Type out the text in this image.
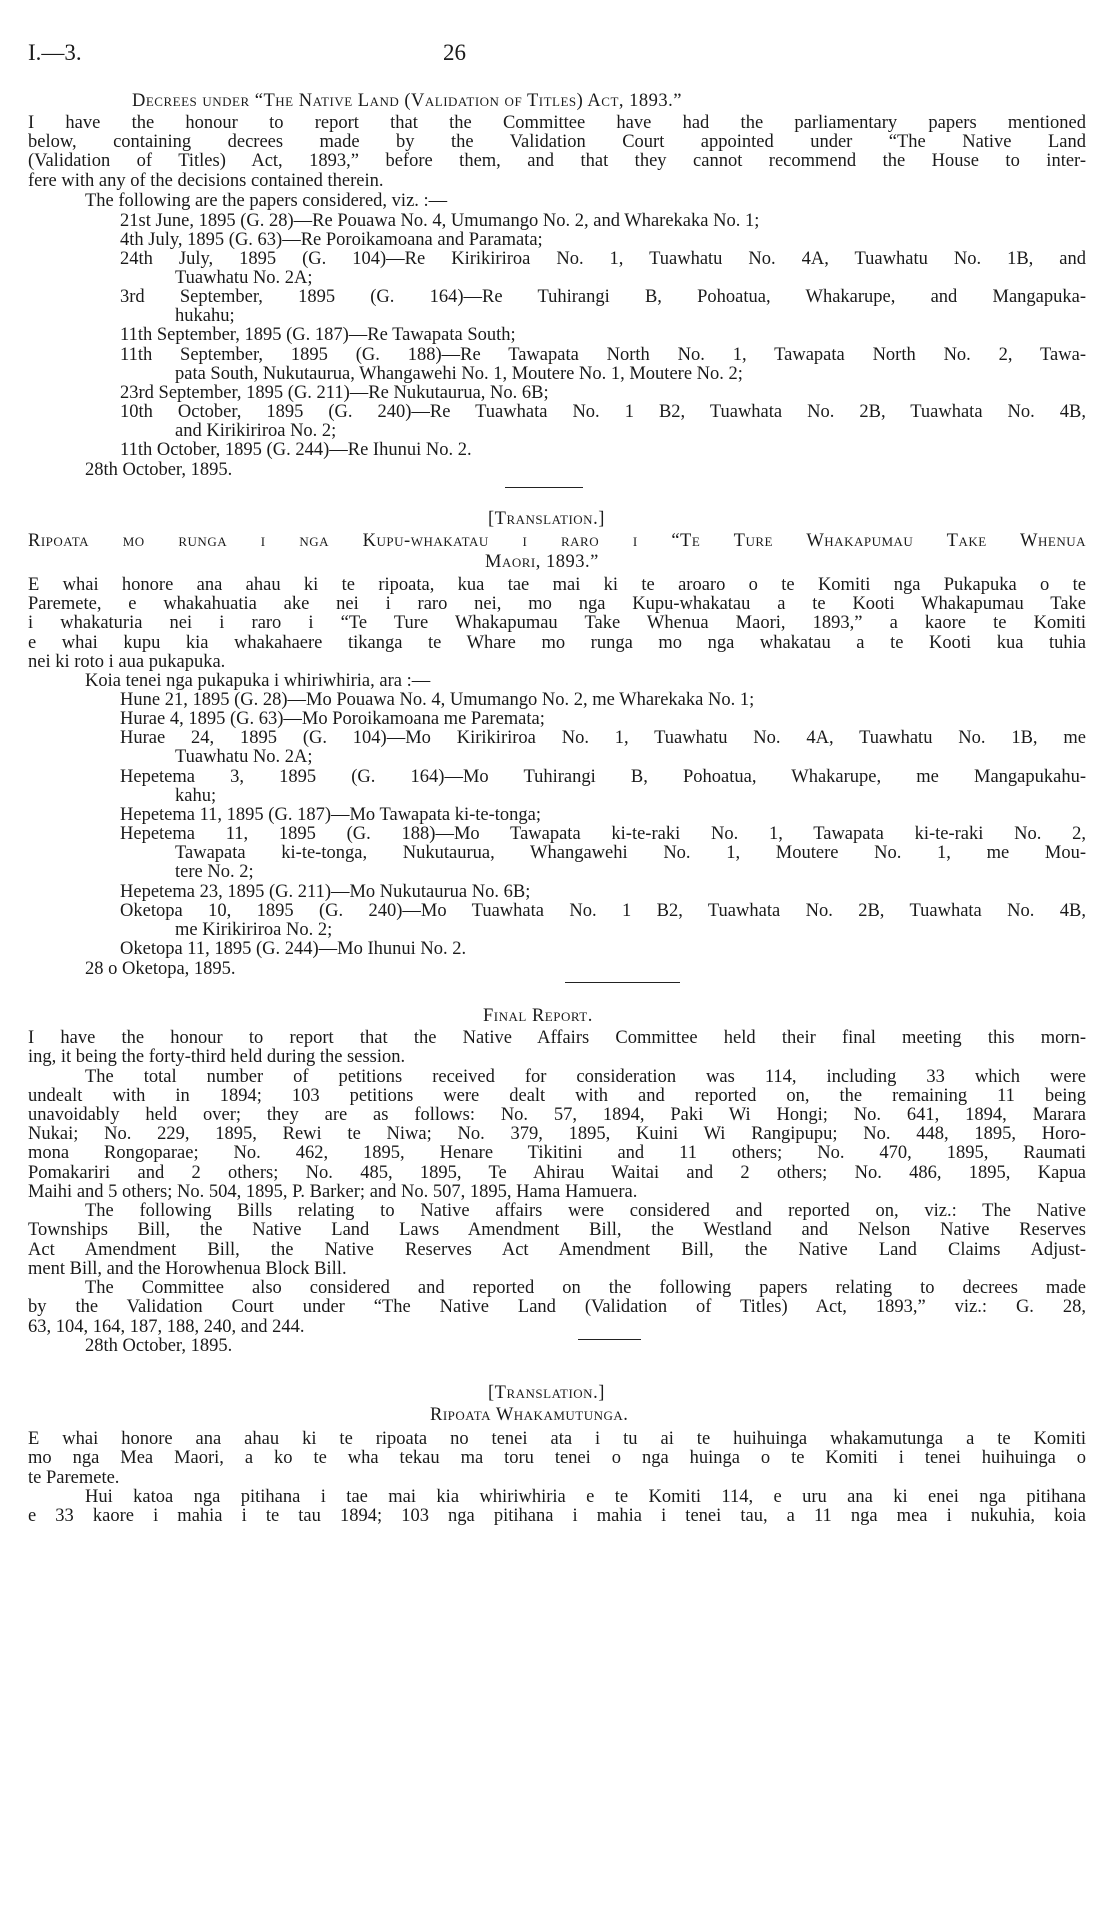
I.—3.	26
Decrees under “The Native Land (Validation of Titles) Act, 1893.”
I have the honour to report that the Committee have had the parliamentary papers mentioned
below, containing decrees made by the Validation Court appointed under “The Native Land
(Validation of Titles) Act, 1893,” before them, and that they cannot recommend the House to inter-
fere with any of the decisions contained therein.
The following are the papers considered, viz. :—
21st June, 1895 (G. 28)—Re Pouawa No. 4, Umumango No. 2, and Wharekaka No. 1;
4th July, 1895 (G. 63)—Re Poroikamoana and Paramata;
24th July, 1895 (G. 104)—Re Kirikiriroa No. 1, Tuawhatu No. 4A, Tuawhatu No. 1B, and
Tuawhatu No. 2A;
3rd September, 1895 (G. 164)—Re Tuhirangi B, Pohoatua, Whakarupe, and Mangapuka-
hukahu;
11th September, 1895 (G. 187)—Re Tawapata South;
11th September, 1895 (G. 188)—Re Tawapata North No. 1, Tawapata North No. 2, Tawa-
pata South, Nukutaurua, Whangawehi No. 1, Moutere No. 1, Moutere No. 2;
23rd September, 1895 (G. 211)—Re Nukutaurua, No. 6B;
10th October, 1895 (G. 240)—Re Tuawhata No. 1 B2, Tuawhata No. 2B, Tuawhata No. 4B,
and Kirikiriroa No. 2;
11th October, 1895 (G. 244)—Re Ihunui No. 2.
28th October, 1895.
[Translation.]
Ripoata mo runga i nga Kupu-whakatau i raro i “Te Ture Whakapumau Take Whenua
Maori, 1893.”
E whai honore ana ahau ki te ripoata, kua tae mai ki te aroaro o te Komiti nga Pukapuka o te
Paremete, e whakahuatia ake nei i raro nei, mo nga Kupu-whakatau a te Kooti Whakapumau Take
i whakaturia nei i raro i “Te Ture Whakapumau Take Whenua Maori, 1893,” a kaore te Komiti
e whai kupu kia whakahaere tikanga te Whare mo runga mo nga whakatau a te Kooti kua tuhia
nei ki roto i aua pukapuka.
Koia tenei nga pukapuka i whiriwhiria, ara :—
Hune 21, 1895 (G. 28)—Mo Pouawa No. 4, Umumango No. 2, me Wharekaka No. 1;
Hurae 4, 1895 (G. 63)—Mo Poroikamoana me Paremata;
Hurae 24, 1895 (G. 104)—Mo Kirikiriroa No. 1, Tuawhatu No. 4A, Tuawhatu No. 1B, me
Tuawhatu No. 2A;
Hepetema 3, 1895 (G. 164)—Mo Tuhirangi B, Pohoatua, Whakarupe, me Mangapukahu-
kahu;
Hepetema 11, 1895 (G. 187)—Mo Tawapata ki-te-tonga;
Hepetema 11, 1895 (G. 188)—Mo Tawapata ki-te-raki No. 1, Tawapata ki-te-raki No. 2,
Tawapata ki-te-tonga, Nukutaurua, Whangawehi No. 1, Moutere No. 1, me Mou-
tere No. 2;
Hepetema 23, 1895 (G. 211)—Mo Nukutaurua No. 6B;
Oketopa 10, 1895 (G. 240)—Mo Tuawhata No. 1 B2, Tuawhata No. 2B, Tuawhata No. 4B,
me Kirikiriroa No. 2;
Oketopa 11, 1895 (G. 244)—Mo Ihunui No. 2.
28 o Oketopa, 1895.
Final Report.
I have the honour to report that the Native Affairs Committee held their final meeting this morn-
ing, it being the forty-third held during the session.
The total number of petitions received for consideration was 114, including 33 which were
undealt with in 1894; 103 petitions were dealt with and reported on, the remaining 11 being
unavoidably held over; they are as follows: No. 57, 1894, Paki Wi Hongi; No. 641, 1894, Marara
Nukai; No. 229, 1895, Rewi te Niwa; No. 379, 1895, Kuini Wi Rangipupu; No. 448, 1895, Horo-
mona Rongoparae; No. 462, 1895, Henare Tikitini and 11 others; No. 470, 1895, Raumati
Pomakariri and 2 others; No. 485, 1895, Te Ahirau Waitai and 2 others; No. 486, 1895, Kapua
Maihi and 5 others; No. 504, 1895, P. Barker; and No. 507, 1895, Hama Hamuera.
The following Bills relating to Native affairs were considered and reported on, viz.: The Native
Townships Bill, the Native Land Laws Amendment Bill, the Westland and Nelson Native Reserves
Act Amendment Bill, the Native Reserves Act Amendment Bill, the Native Land Claims Adjust-
ment Bill, and the Horowhenua Block Bill.
The Committee also considered and reported on the following papers relating to decrees made
by the Validation Court under “The Native Land (Validation of Titles) Act, 1893,” viz.: G. 28,
63, 104, 164, 187, 188, 240, and 244.
28th October, 1895.
[Translation.]
Ripoata Whakamutunga.
E whai honore ana ahau ki te ripoata no tenei ata i tu ai te huihuinga whakamutunga a te Komiti
mo nga Mea Maori, a ko te wha tekau ma toru tenei o nga huinga o te Komiti i tenei huihuinga o
te Paremete.
Hui katoa nga pitihana i tae mai kia whiriwhiria e te Komiti 114, e uru ana ki enei nga pitihana
e 33 kaore i mahia i te tau 1894; 103 nga pitihana i mahia i tenei tau, a 11 nga mea i nukuhia, koia
